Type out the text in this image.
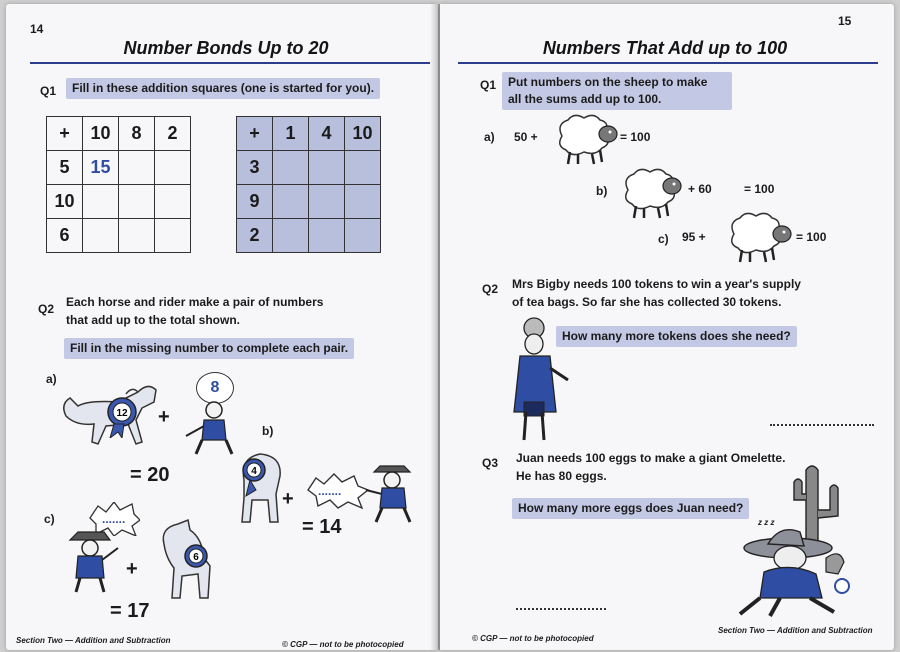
14
Number Bonds Up to 20
Q1	Fill in these addition squares (one is started for you).
+	10	8	2
5	15		
10			
6			
+	1	4	10
3			
9			
2			
Q2 Each horse and rider make a pair of numbers
that add up to the total shown.
Fill in the missing number to complete each pair.
a)
12 +
8
= 20
b)
4
+ .......
= 14
c)	.......
+
6
= 17
Section Two — Addition and Subtraction	© CGP — not to be photocopied
15
Numbers That Add up to 100
Q1 Put numbers on the sheep to make
all the sums add up to 100.
a) 50 +	= 100
b)	+ 60	= 100
c) 95 +	= 100
Q2 Mrs Bigby needs 100 tokens to win a year's supply
of tea bags. So far she has collected 30 tokens.
How many more tokens does she need?
Q3 Juan needs 100 eggs to make a giant Omelette.
He has 80 eggs.
How many more eggs does Juan need?
z z z
© CGP — not to be photocopied
Section Two — Addition and Subtraction
